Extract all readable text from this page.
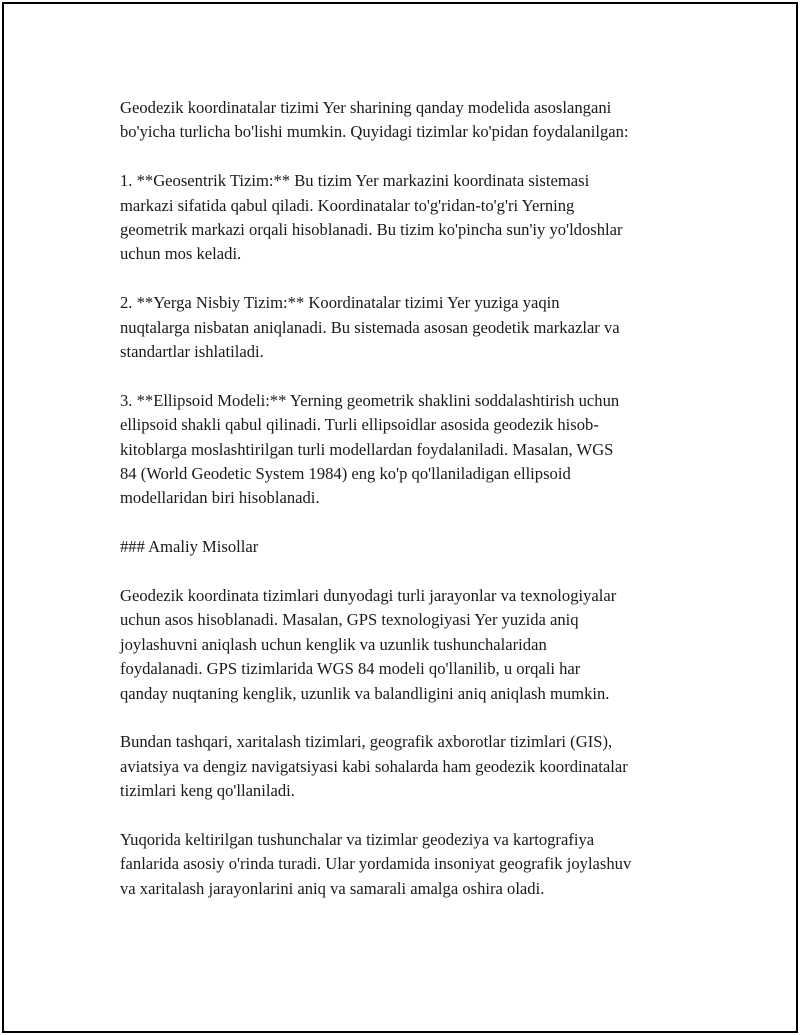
Geodezik koordinatalar tizimi Yer sharining qanday modelida asoslangani
bo'yicha turlicha bo'lishi mumkin. Quyidagi tizimlar ko'pidan foydalanilgan:

1. **Geosentrik Tizim:** Bu tizim Yer markazini koordinata sistemasi
markazi sifatida qabul qiladi. Koordinatalar to'g'ridan-to'g'ri Yerning
geometrik markazi orqali hisoblanadi. Bu tizim ko'pincha sun'iy yo'ldoshlar
uchun mos keladi.

2. **Yerga Nisbiy Tizim:** Koordinatalar tizimi Yer yuziga yaqin
nuqtalarga nisbatan aniqlanadi. Bu sistemada asosan geodetik markazlar va
standartlar ishlatiladi.

3. **Ellipsoid Modeli:** Yerning geometrik shaklini soddalashtirish uchun
ellipsoid shakli qabul qilinadi. Turli ellipsoidlar asosida geodezik hisob-
kitoblarga moslashtirilgan turli modellardan foydalaniladi. Masalan, WGS
84 (World Geodetic System 1984) eng ko'p qo'llaniladigan ellipsoid
modellaridan biri hisoblanadi.

### Amaliy Misollar

Geodezik koordinata tizimlari dunyodagi turli jarayonlar va texnologiyalar
uchun asos hisoblanadi. Masalan, GPS texnologiyasi Yer yuzida aniq
joylashuvni aniqlash uchun kenglik va uzunlik tushunchalaridan
foydalanadi. GPS tizimlarida WGS 84 modeli qo'llanilib, u orqali har
qanday nuqtaning kenglik, uzunlik va balandligini aniq aniqlash mumkin.

Bundan tashqari, xaritalash tizimlari, geografik axborotlar tizimlari (GIS),
aviatsiya va dengiz navigatsiyasi kabi sohalarda ham geodezik koordinatalar
tizimlari keng qo'llaniladi.

Yuqorida keltirilgan tushunchalar va tizimlar geodeziya va kartografiya
fanlarida asosiy o'rinda turadi. Ular yordamida insoniyat geografik joylashuv
va xaritalash jarayonlarini aniq va samarali amalga oshira oladi.
